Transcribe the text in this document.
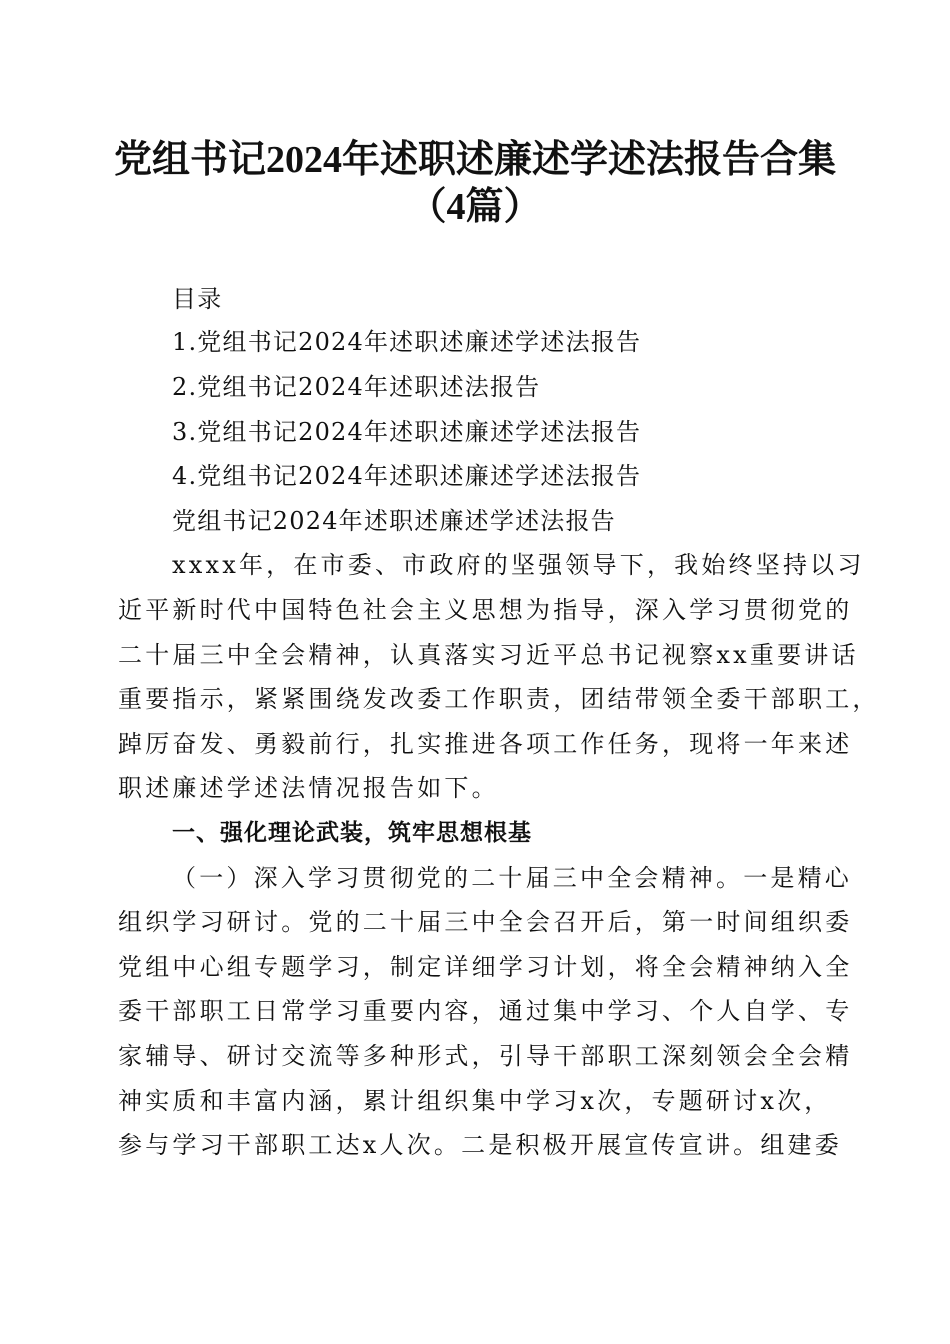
党组书记2024年述职述廉述学述法报告合集
（4篇）
目录
1.党组书记2024年述职述廉述学述法报告
2.党组书记2024年述职述法报告
3.党组书记2024年述职述廉述学述法报告
4.党组书记2024年述职述廉述学述法报告
党组书记2024年述职述廉述学述法报告
xxxx年，在市委、市政府的坚强领导下，我始终坚持以习
近平新时代中国特色社会主义思想为指导，深入学习贯彻党的
二十届三中全会精神，认真落实习近平总书记视察xx重要讲话
重要指示，紧紧围绕发改委工作职责，团结带领全委干部职工，
踔厉奋发、勇毅前行，扎实推进各项工作任务，现将一年来述
职述廉述学述法情况报告如下。
一、强化理论武装，筑牢思想根基
（一）深入学习贯彻党的二十届三中全会精神。一是精心
组织学习研讨。党的二十届三中全会召开后，第一时间组织委
党组中心组专题学习，制定详细学习计划，将全会精神纳入全
委干部职工日常学习重要内容，通过集中学习、个人自学、专
家辅导、研讨交流等多种形式，引导干部职工深刻领会全会精
神实质和丰富内涵，累计组织集中学习x次，专题研讨x次，
参与学习干部职工达x人次。二是积极开展宣传宣讲。组建委
